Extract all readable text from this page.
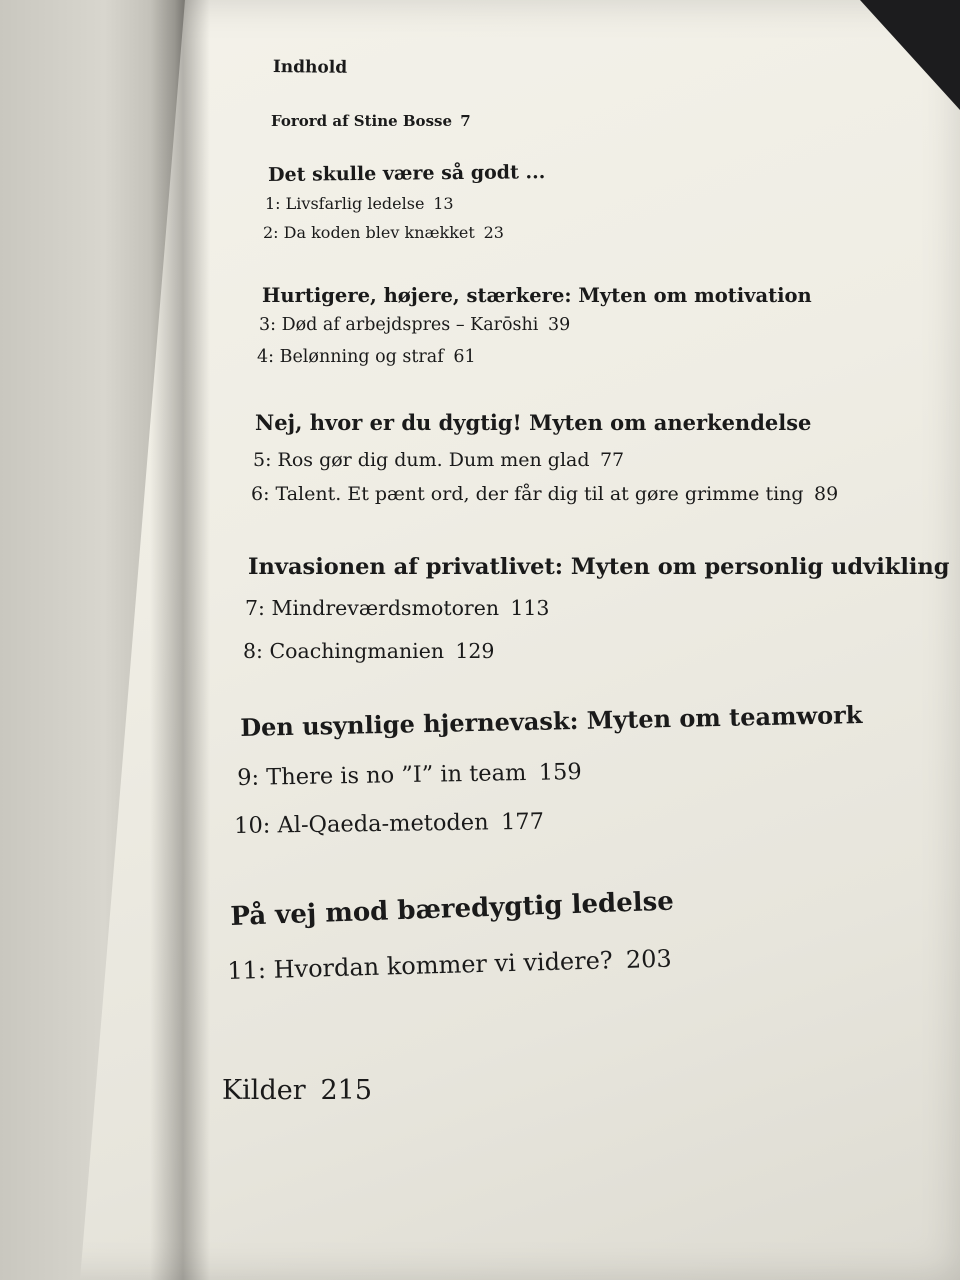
Indhold
Forord af Stine Bosse 7
Det skulle være så godt ...
1: Livsfarlig ledelse 13
2: Da koden blev knækket 23
Hurtigere, højere, stærkere: Myten om motivation
3: Død af arbejdspres – Karōshi 39
4: Belønning og straf 61
Nej, hvor er du dygtig! Myten om anerkendelse
5: Ros gør dig dum. Dum men glad 77
6: Talent. Et pænt ord, der får dig til at gøre grimme ting 89
Invasionen af privatlivet: Myten om personlig udvikling
7: Mindreværdsmotoren 113
8: Coachingmanien 129
Den usynlige hjernevask: Myten om teamwork
9: There is no ”I” in team 159
10: Al-Qaeda-metoden 177
På vej mod bæredygtig ledelse
11: Hvordan kommer vi videre? 203
Kilder 215
